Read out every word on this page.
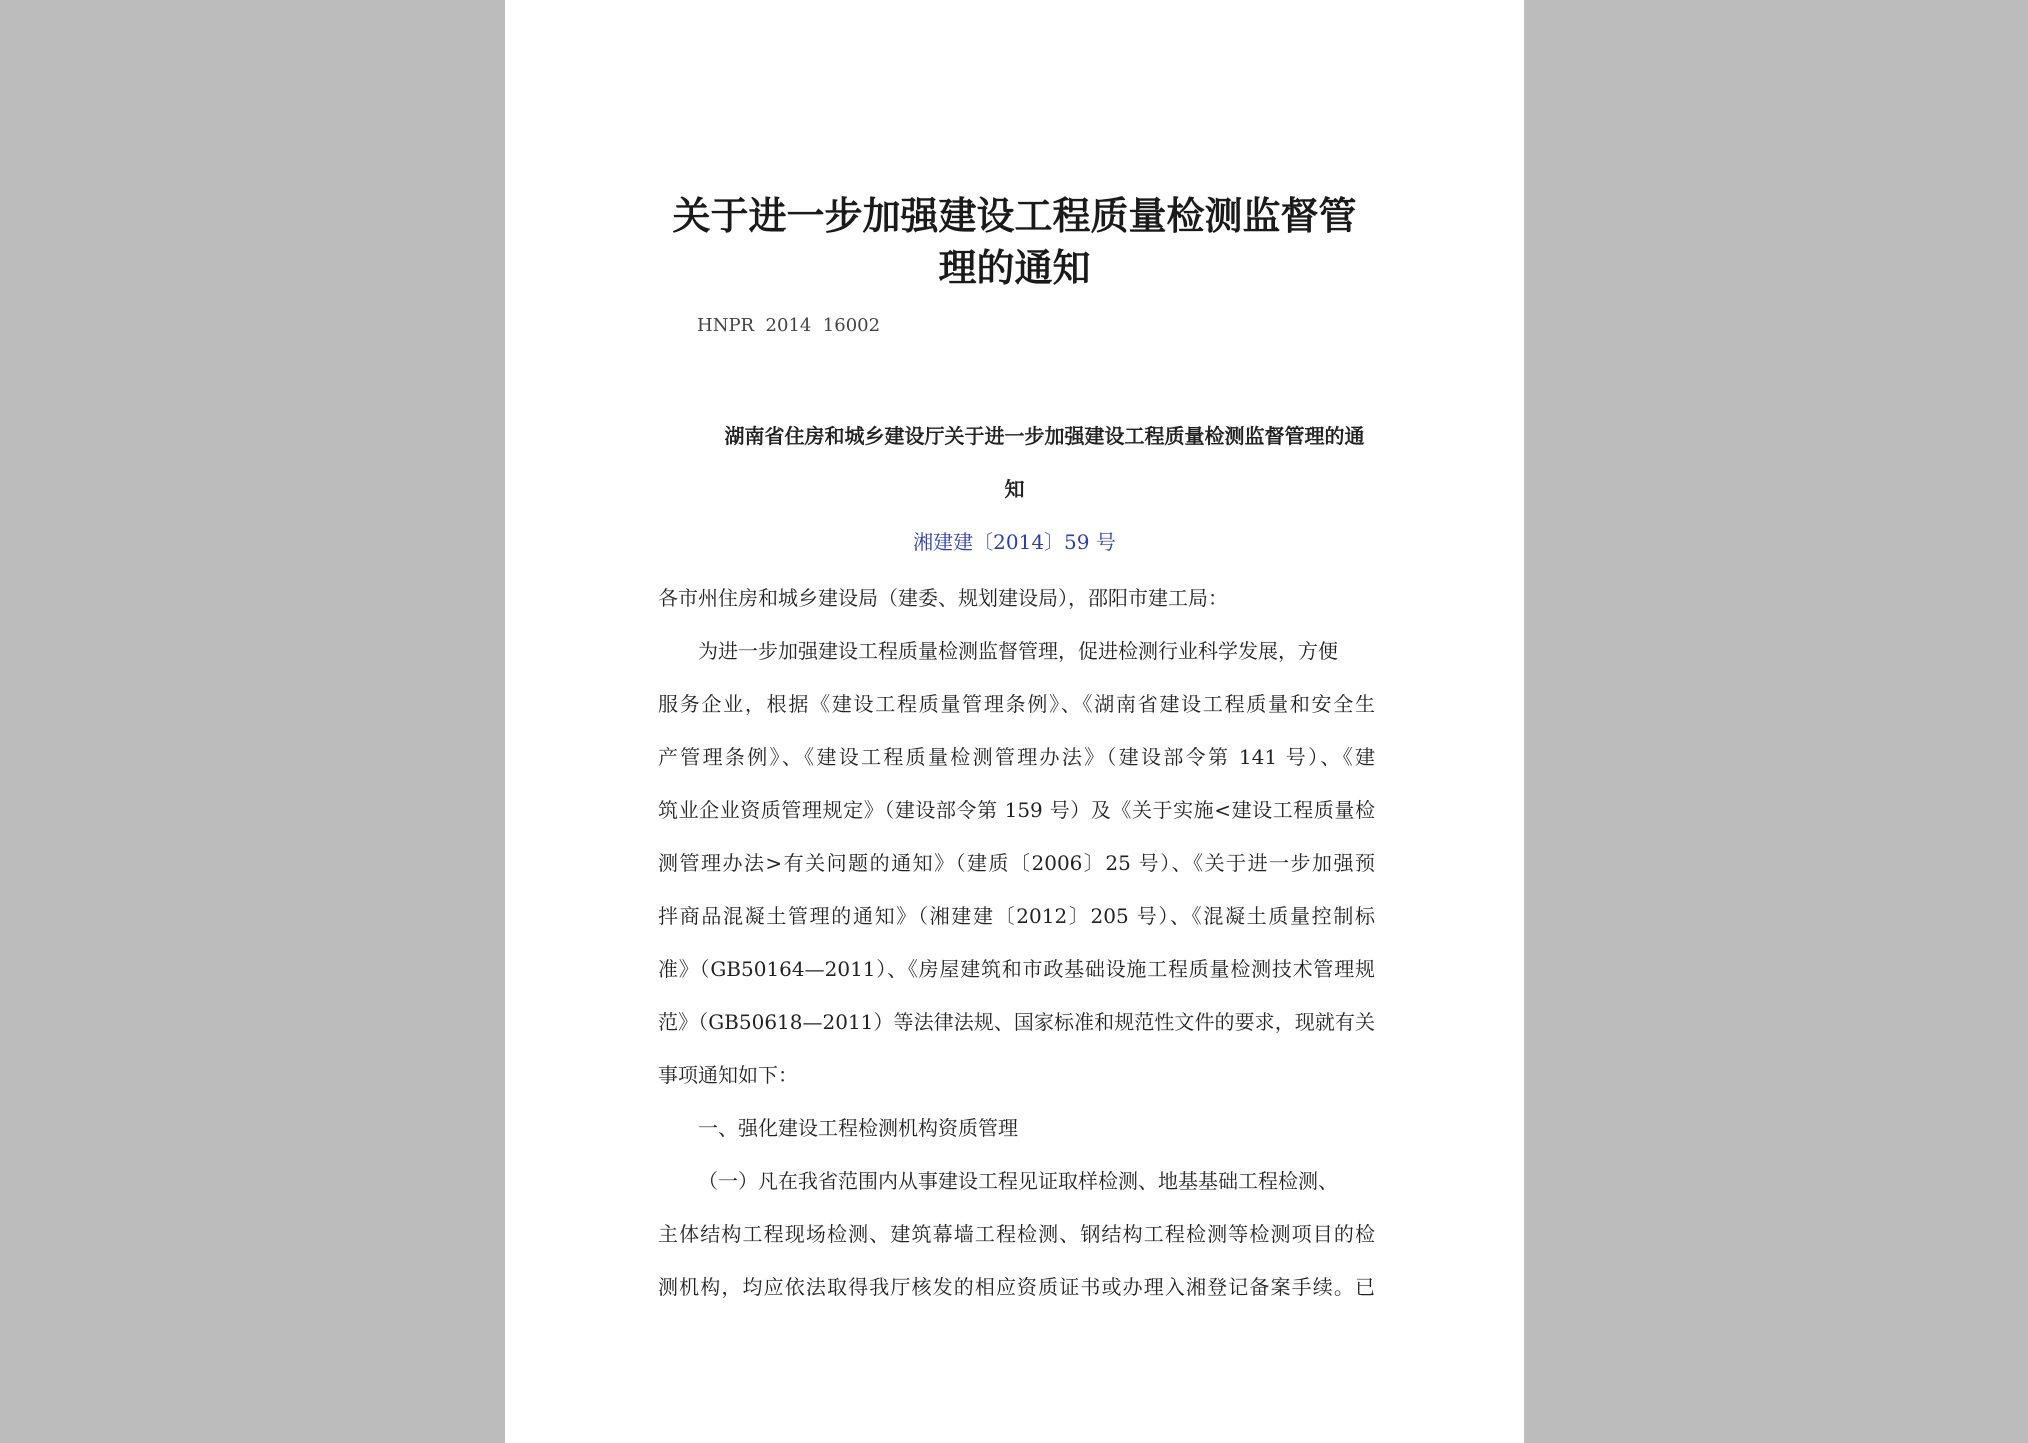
关于进一步加强建设工程质量检测监督管
理的通知
HNPR  2014  16002
湖南省住房和城乡建设厅关于进一步加强建设工程质量检测监督管理的通
知
湘建建〔2014〕59 号
各市州住房和城乡建设局（建委、规划建设局），邵阳市建工局：
为进一步加强建设工程质量检测监督管理，促进检测行业科学发展，方便
服务企业，根据《建设工程质量管理条例》、《湖南省建设工程质量和安全生
产管理条例》、《建设工程质量检测管理办法》（建设部令第 141 号）、《建
筑业企业资质管理规定》（建设部令第 159 号）及《关于实施<建设工程质量检
测管理办法>有关问题的通知》（建质〔2006〕25 号）、《关于进一步加强预
拌商品混凝土管理的通知》（湘建建〔2012〕205 号）、《混凝土质量控制标
准》（GB50164—2011）、《房屋建筑和市政基础设施工程质量检测技术管理规
范》（GB50618—2011）等法律法规、国家标准和规范性文件的要求，现就有关
事项通知如下：
一、强化建设工程检测机构资质管理
（一）凡在我省范围内从事建设工程见证取样检测、地基基础工程检测、
主体结构工程现场检测、建筑幕墙工程检测、钢结构工程检测等检测项目的检
测机构，均应依法取得我厅核发的相应资质证书或办理入湘登记备案手续。已
